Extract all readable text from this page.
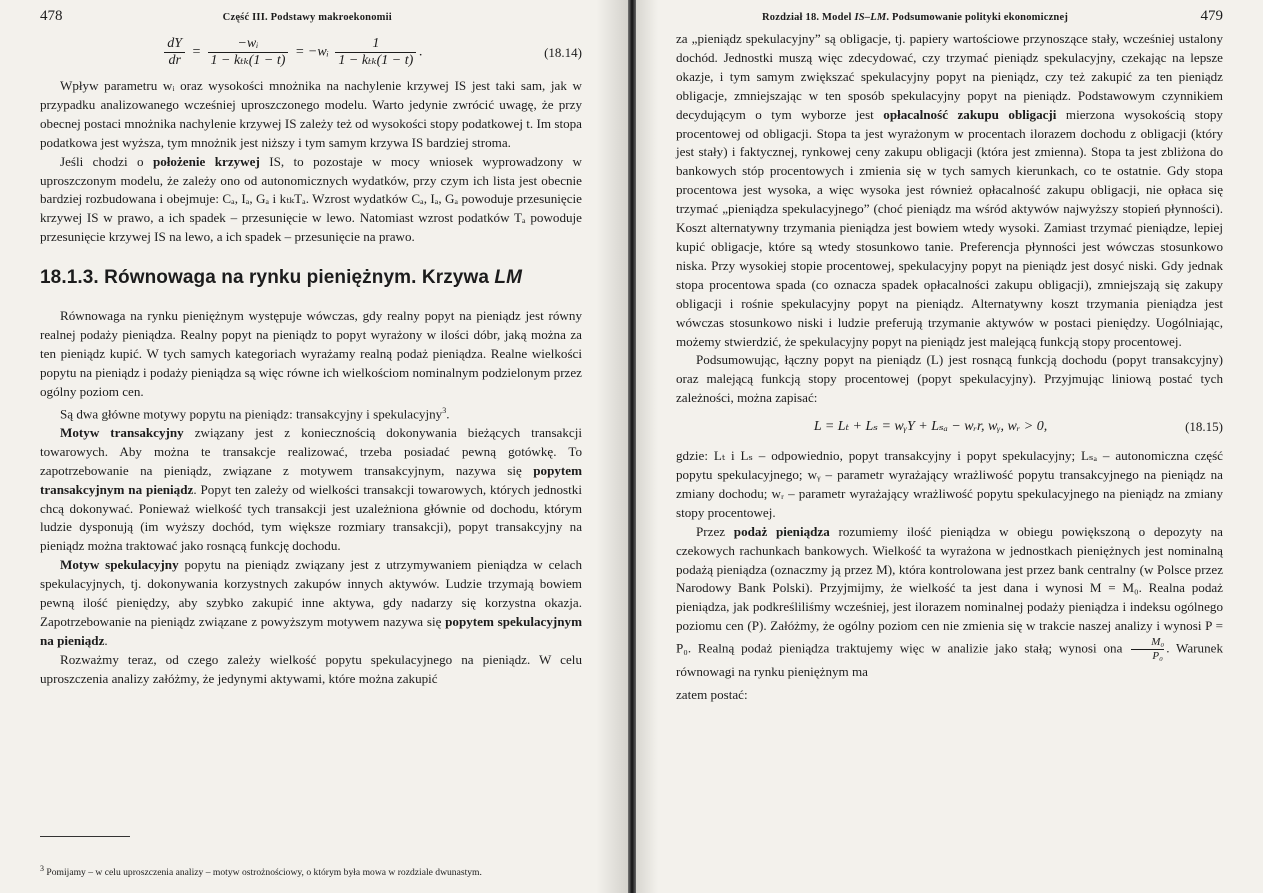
478	Część III. Podstawy makroekonomii
$\frac{dY}{dr} = \frac{\text{−wᵢ}}{\text{1 − kₜₖ(1 − t)}}$ = −wᵢ $\frac{1}{\text{1 − kₜₖ(1 − t)}}$ .	(18.14)

Wpływ parametru wᵢ oraz wysokości mnożnika na nachylenie krzywej IS jest taki sam, jak w przypadku analizowanego wcześniej uproszczonego modelu. Warto jedynie zwrócić uwagę, że przy obecnej postaci mnożnika nachylenie krzywej IS zależy też od wysokości stopy podatkowej t. Im stopa podatkowa jest wyższa, tym mnożnik jest niższy i tym samym krzywa IS bardziej stroma.

Jeśli chodzi o położenie krzywej IS, to pozostaje w mocy wniosek wyprowadzony w uproszczonym modelu, że zależy ono od autonomicznych wydatków, przy czym ich lista jest obecnie bardziej rozbudowana i obejmuje: Cₐ, Iₐ, Gₐ i kₜₖTₐ. Wzrost wydatków Cₐ, Iₐ, Gₐ powoduje przesunięcie krzywej IS w prawo, a ich spadek – przesunięcie w lewo. Natomiast wzrost podatków Tₐ powoduje przesunięcie krzywej IS na lewo, a ich spadek – przesunięcie na prawo.

18.1.3. Równowaga na rynku pieniężnym. Krzywa LM

Równowaga na rynku pieniężnym występuje wówczas, gdy realny popyt na pieniądz jest równy realnej podaży pieniądza. Realny popyt na pieniądz to popyt wyrażony w ilości dóbr, jaką można za ten pieniądz kupić. W tych samych kategoriach wyrażamy realną podaż pieniądza. Realne wielkości popytu na pieniądz i podaży pieniądza są więc równe ich wielkościom nominalnym podzielonym przez ogólny poziom cen.

Są dwa główne motywy popytu na pieniądz: transakcyjny i spekulacyjny$^3$.

Motyw transakcyjny związany jest z koniecznością dokonywania bieżących transakcji towarowych. Aby można te transakcje realizować, trzeba posiadać pewną gotówkę. To zapotrzebowanie na pieniądz, związane z motywem transakcyjnym, nazywa się popytem transakcyjnym na pieniądz. Popyt ten zależy od wielkości transakcji towarowych, których jednostki chcą dokonywać. Ponieważ wielkość tych transakcji jest uzależniona głównie od dochodu, którym ludzie dysponują (im wyższy dochód, tym większe rozmiary transakcji), popyt transakcyjny na pieniądz można traktować jako rosnącą funkcję dochodu.

Motyw spekulacyjny popytu na pieniądz związany jest z utrzymywaniem pieniądza w celach spekulacyjnych, tj. dokonywania korzystnych zakupów innych aktywów. Ludzie trzymają bowiem pewną ilość pieniędzy, aby szybko zakupić inne aktywa, gdy nadarzy się korzystna okazja. Zapotrzebowanie na pieniądz związane z powyższym motywem nazywa się popytem spekulacyjnym na pieniądz.

Rozważmy teraz, od czego zależy wielkość popytu spekulacyjnego na pieniądz. W celu uproszczenia analizy załóżmy, że jedynymi aktywami, które można zakupić

$^3$ Pomijamy – w celu uproszczenia analizy – motyw ostrożnościowy, o którym była mowa w rozdziale dwunastym.
Rozdział 18. Model IS–LM. Podsumowanie polityki ekonomicznej	479

za „pieniądz spekulacyjny” są obligacje, tj. papiery wartościowe przynoszące stały, wcześniej ustalony dochód. Jednostki muszą więc zdecydować, czy trzymać pieniądz spekulacyjny, czekając na lepsze okazje, i tym samym zwiększać spekulacyjny popyt na pieniądz, czy też zakupić za ten pieniądz obligacje, zmniejszając w ten sposób spekulacyjny popyt na pieniądz. Podstawowym czynnikiem decydującym o tym wyborze jest opłacalność zakupu obligacji mierzona wysokością stopy procentowej od obligacji. Stopa ta jest wyrażonym w procentach ilorazem dochodu z obligacji (który jest stały) i faktycznej, rynkowej ceny zakupu obligacji (która jest zmienna). Stopa ta jest zbliżona do bankowych stóp procentowych i zmienia się w tych samych kierunkach, co te ostatnie. Gdy stopa procentowa jest wysoka, a więc wysoka jest również opłacalność zakupu obligacji, nie opłaca się trzymać „pieniądza spekulacyjnego” (choć pieniądz ma wśród aktywów najwyższy stopień płynności). Koszt alternatywny trzymania pieniądza jest bowiem wtedy wysoki. Zamiast trzymać pieniądze, lepiej kupić obligacje, które są wtedy stosunkowo tanie. Preferencja płynności jest wówczas stosunkowo niska. Przy wysokiej stopie procentowej, spekulacyjny popyt na pieniądz jest dosyć niski. Gdy jednak stopa procentowa spada (co oznacza spadek opłacalności zakupu obligacji), zmniejszają się zakupy obligacji i rośnie spekulacyjny popyt na pieniądz. Alternatywny koszt trzymania pieniądza jest wówczas stosunkowo niski i ludzie preferują trzymanie aktywów w postaci pieniędzy. Uogólniając, możemy stwierdzić, że spekulacyjny popyt na pieniądz jest malejącą funkcją stopy procentowej.

Podsumowując, łączny popyt na pieniądz (L) jest rosnącą funkcją dochodu (popyt transakcyjny) oraz malejącą funkcją stopy procentowej (popyt spekulacyjny). Przyjmując liniową postać tych zależności, można zapisać:

L = Lₜ + Lₛ = wᵧY + Lₛₐ − wᵣr, wᵧ, wᵣ > 0,	(18.15)

gdzie: Lₜ i Lₛ – odpowiednio, popyt transakcyjny i popyt spekulacyjny; Lₛₐ – autonomiczna część popytu spekulacyjnego; wᵧ – parametr wyrażający wrażliwość popytu transakcyjnego na pieniądz na zmiany dochodu; wᵣ – parametr wyrażający wrażliwość popytu spekulacyjnego na pieniądz na zmiany stopy procentowej.

Przez podaż pieniądza rozumiemy ilość pieniądza w obiegu powiększoną o depozyty na czekowych rachunkach bankowych. Wielkość ta wyrażona w jednostkach pieniężnych jest nominalną podażą pieniądza (oznaczmy ją przez M), która kontrolowana jest przez bank centralny (w Polsce przez Narodowy Bank Polski). Przyjmijmy, że wielkość ta jest dana i wynosi M = M₀. Realna podaż pieniądza, jak podkreśliliśmy wcześniej, jest ilorazem nominalnej podaży pieniądza i indeksu ogólnego poziomu cen (P). Załóżmy, że ogólny poziom cen nie zmienia się w trakcie naszej analizy i wynosi P = P₀. Realną podaż pieniądza traktujemy więc w analizie jako stałą; wynosi ona $\frac{\text{M₀}}{\text{P₀}}$ . Warunek równowagi na rynku pieniężnym ma

zatem postać:
